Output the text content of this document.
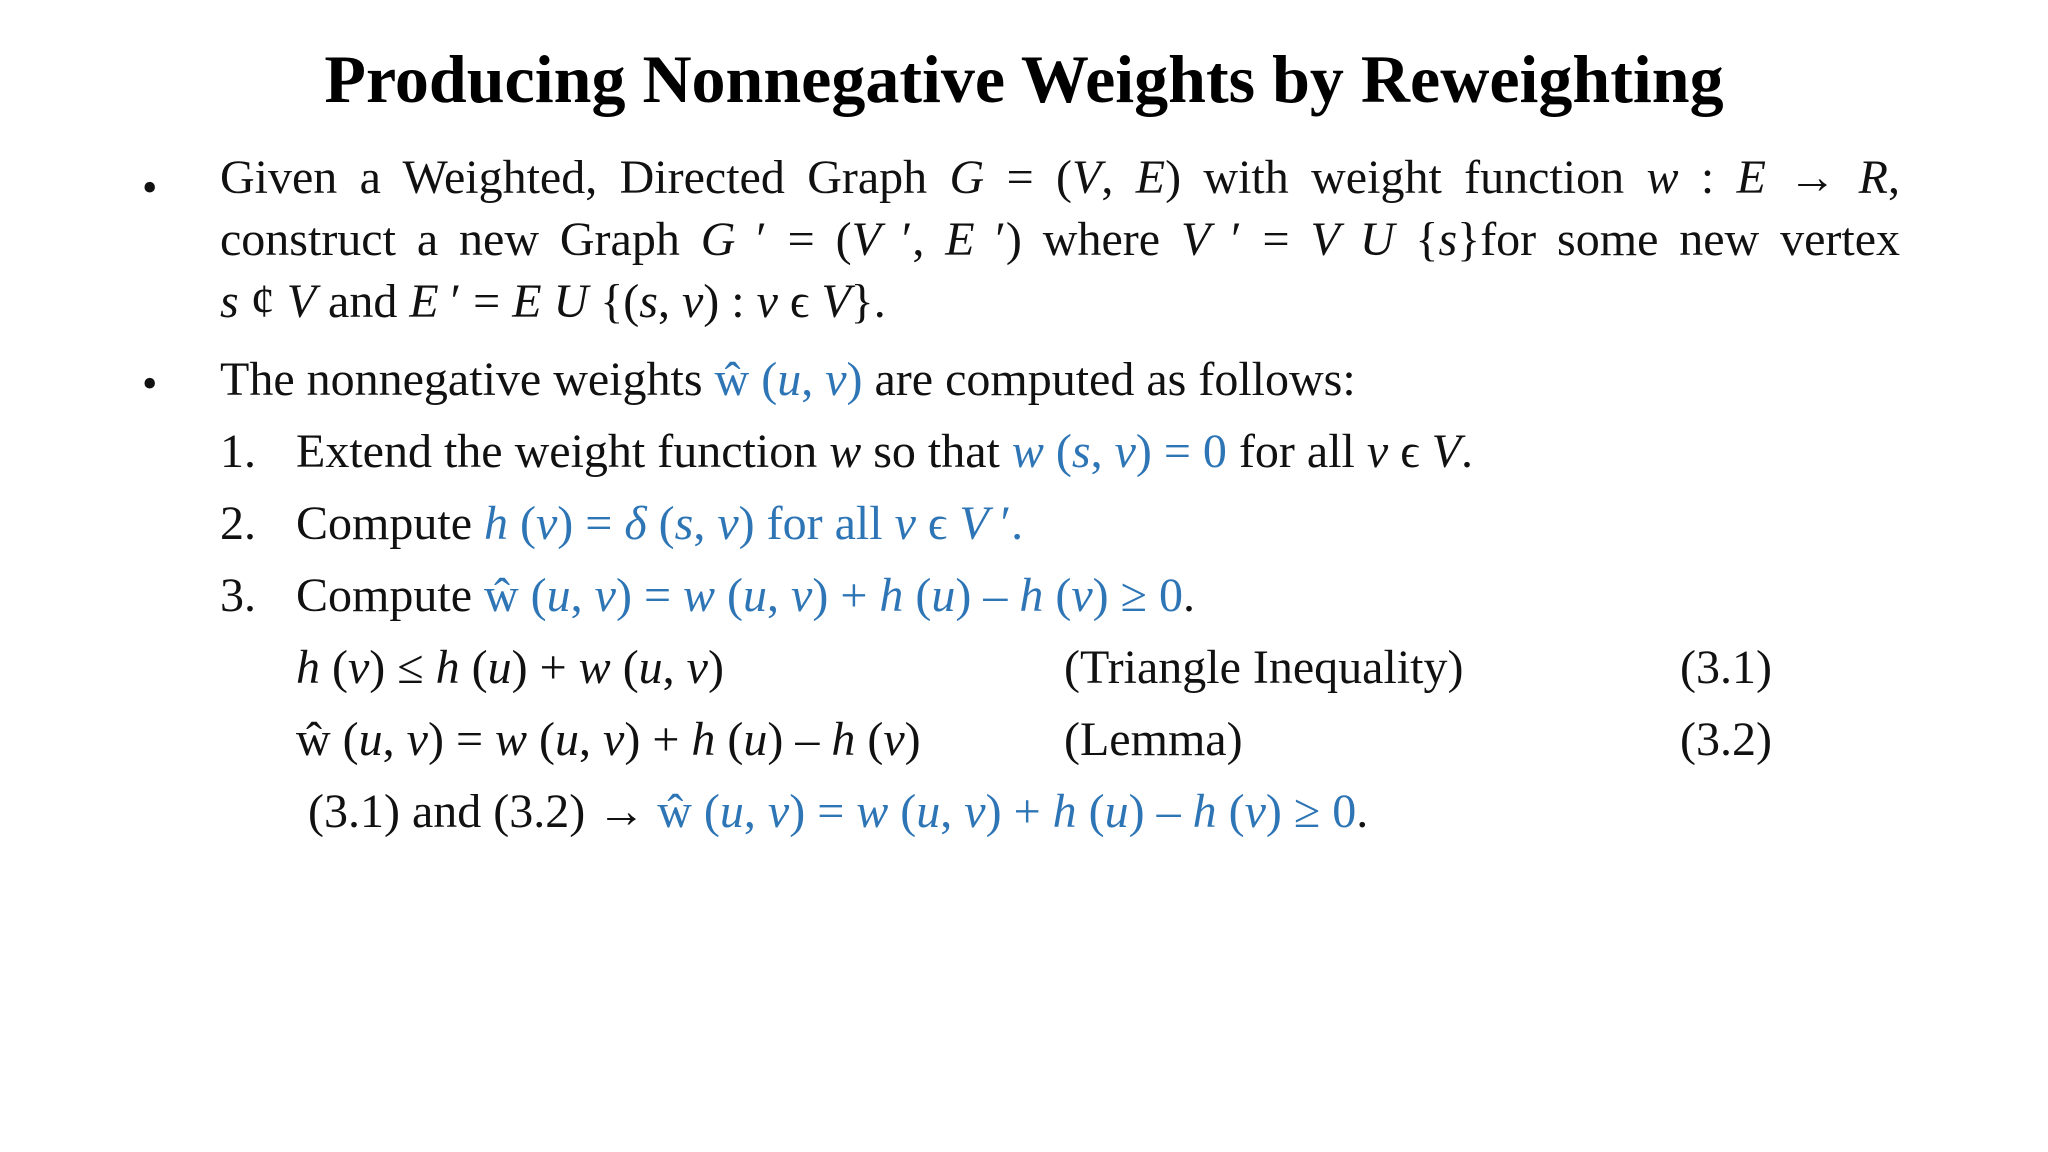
Producing Nonnegative Weights by Reweighting
• Given a Weighted, Directed Graph G = (V, E) with weight function w : E → R,
construct a new Graph G ′ = (V ′, E ′) where V ′ = V U {s}for some new vertex
s ¢ V and E ′ = E U {(s, v) : v ϵ V}.
• The nonnegative weights ŵ (u, v) are computed as follows:
1. Extend the weight function w so that w (s, v) = 0 for all v ϵ V.
2. Compute h (v) = δ (s, v) for all v ϵ V ′.
3. Compute ŵ (u, v) = w (u, v) + h (u) – h (v) ≥ 0.
h (v) ≤ h (u) + w (u, v)	(Triangle Inequality)	(3.1)
ŵ (u, v) = w (u, v) + h (u) – h (v)	(Lemma)	(3.2)
(3.1) and (3.2) → ŵ (u, v) = w (u, v) + h (u) – h (v) ≥ 0.
